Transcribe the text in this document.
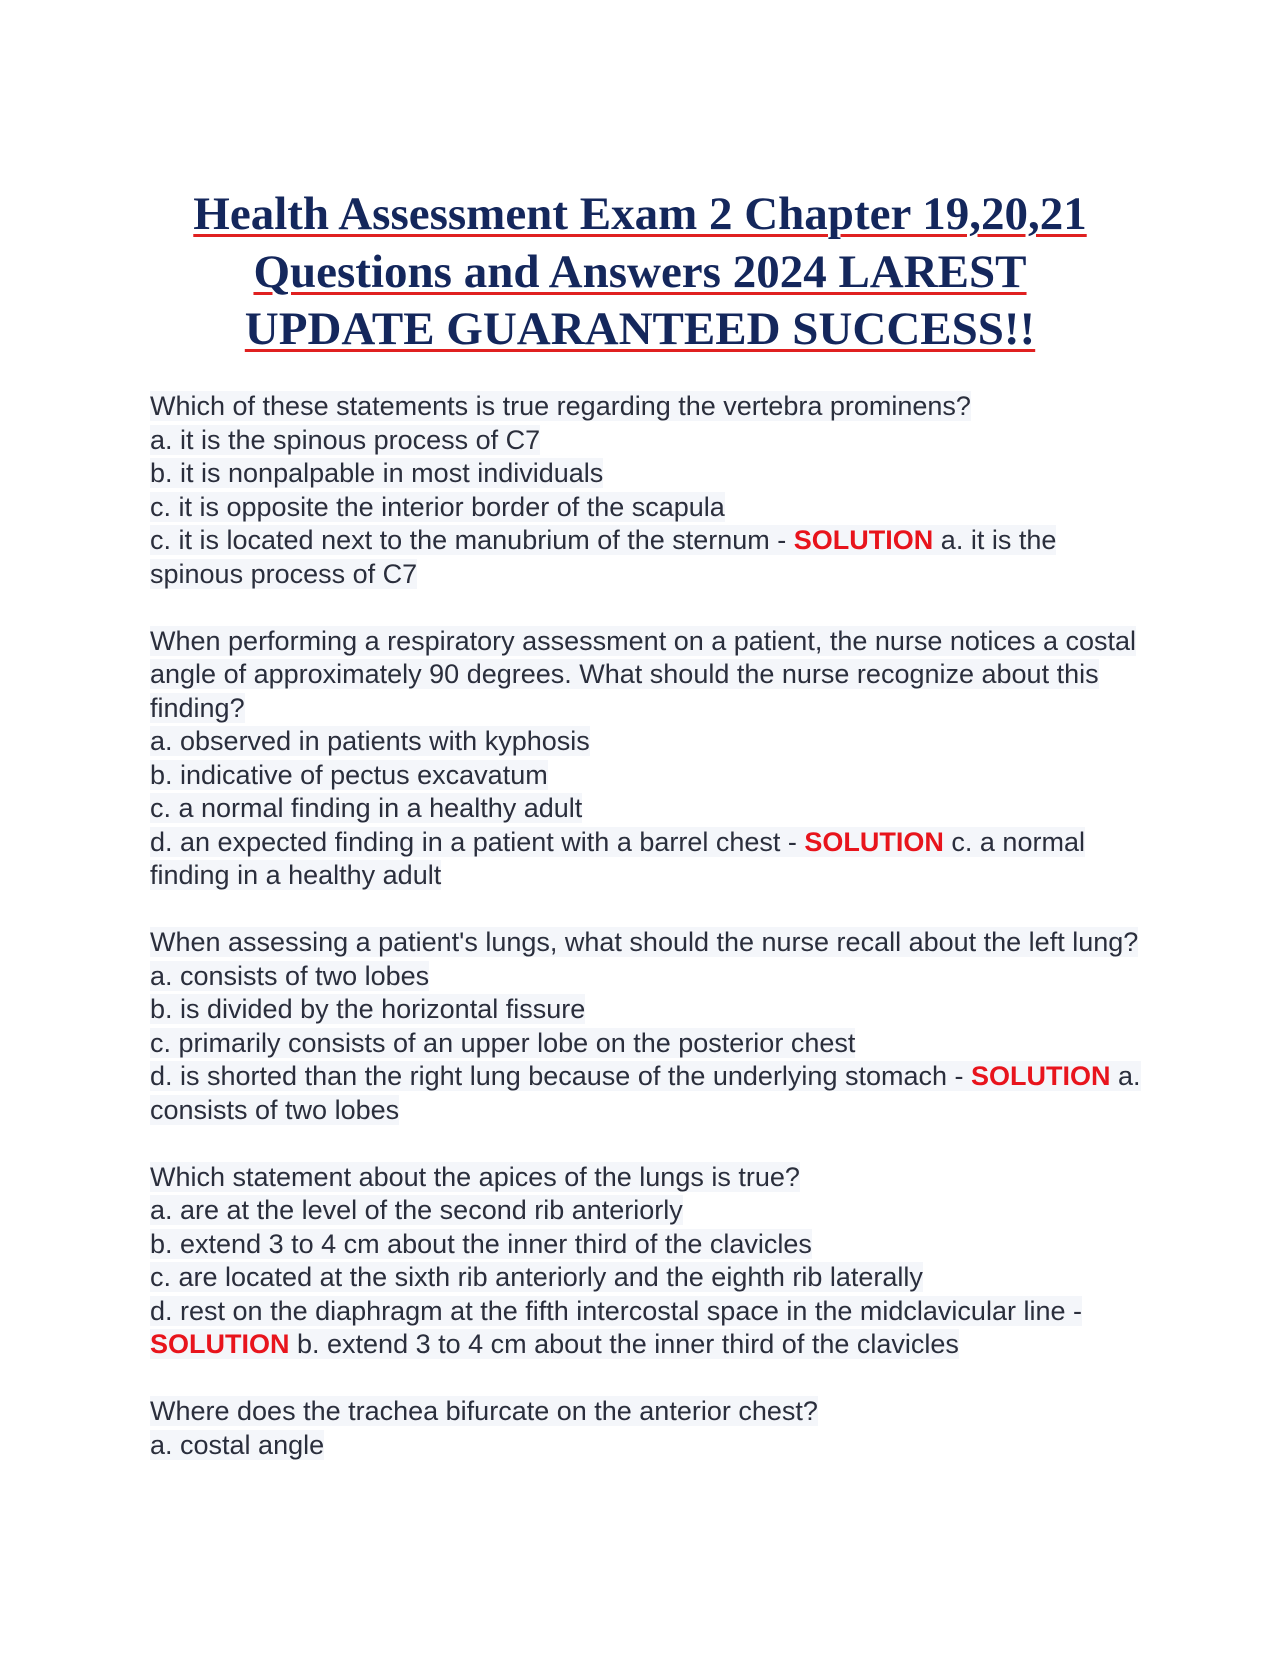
Health Assessment Exam 2 Chapter 19,20,21
Questions and Answers 2024 LAREST
UPDATE GUARANTEED SUCCESS!!
Which of these statements is true regarding the vertebra prominens?
a. it is the spinous process of C7
b. it is nonpalpable in most individuals
c. it is opposite the interior border of the scapula
c. it is located next to the manubrium of the sternum - SOLUTION a. it is the spinous process of C7
When performing a respiratory assessment on a patient, the nurse notices a costal angle of approximately 90 degrees. What should the nurse recognize about this finding?
a. observed in patients with kyphosis
b. indicative of pectus excavatum
c. a normal finding in a healthy adult
d. an expected finding in a patient with a barrel chest - SOLUTION c. a normal finding in a healthy adult
When assessing a patient's lungs, what should the nurse recall about the left lung?
a. consists of two lobes
b. is divided by the horizontal fissure
c. primarily consists of an upper lobe on the posterior chest
d. is shorted than the right lung because of the underlying stomach - SOLUTION a. consists of two lobes
Which statement about the apices of the lungs is true?
a. are at the level of the second rib anteriorly
b. extend 3 to 4 cm about the inner third of the clavicles
c. are located at the sixth rib anteriorly and the eighth rib laterally
d. rest on the diaphragm at the fifth intercostal space in the midclavicular line - SOLUTION b. extend 3 to 4 cm about the inner third of the clavicles
Where does the trachea bifurcate on the anterior chest?
a. costal angle
